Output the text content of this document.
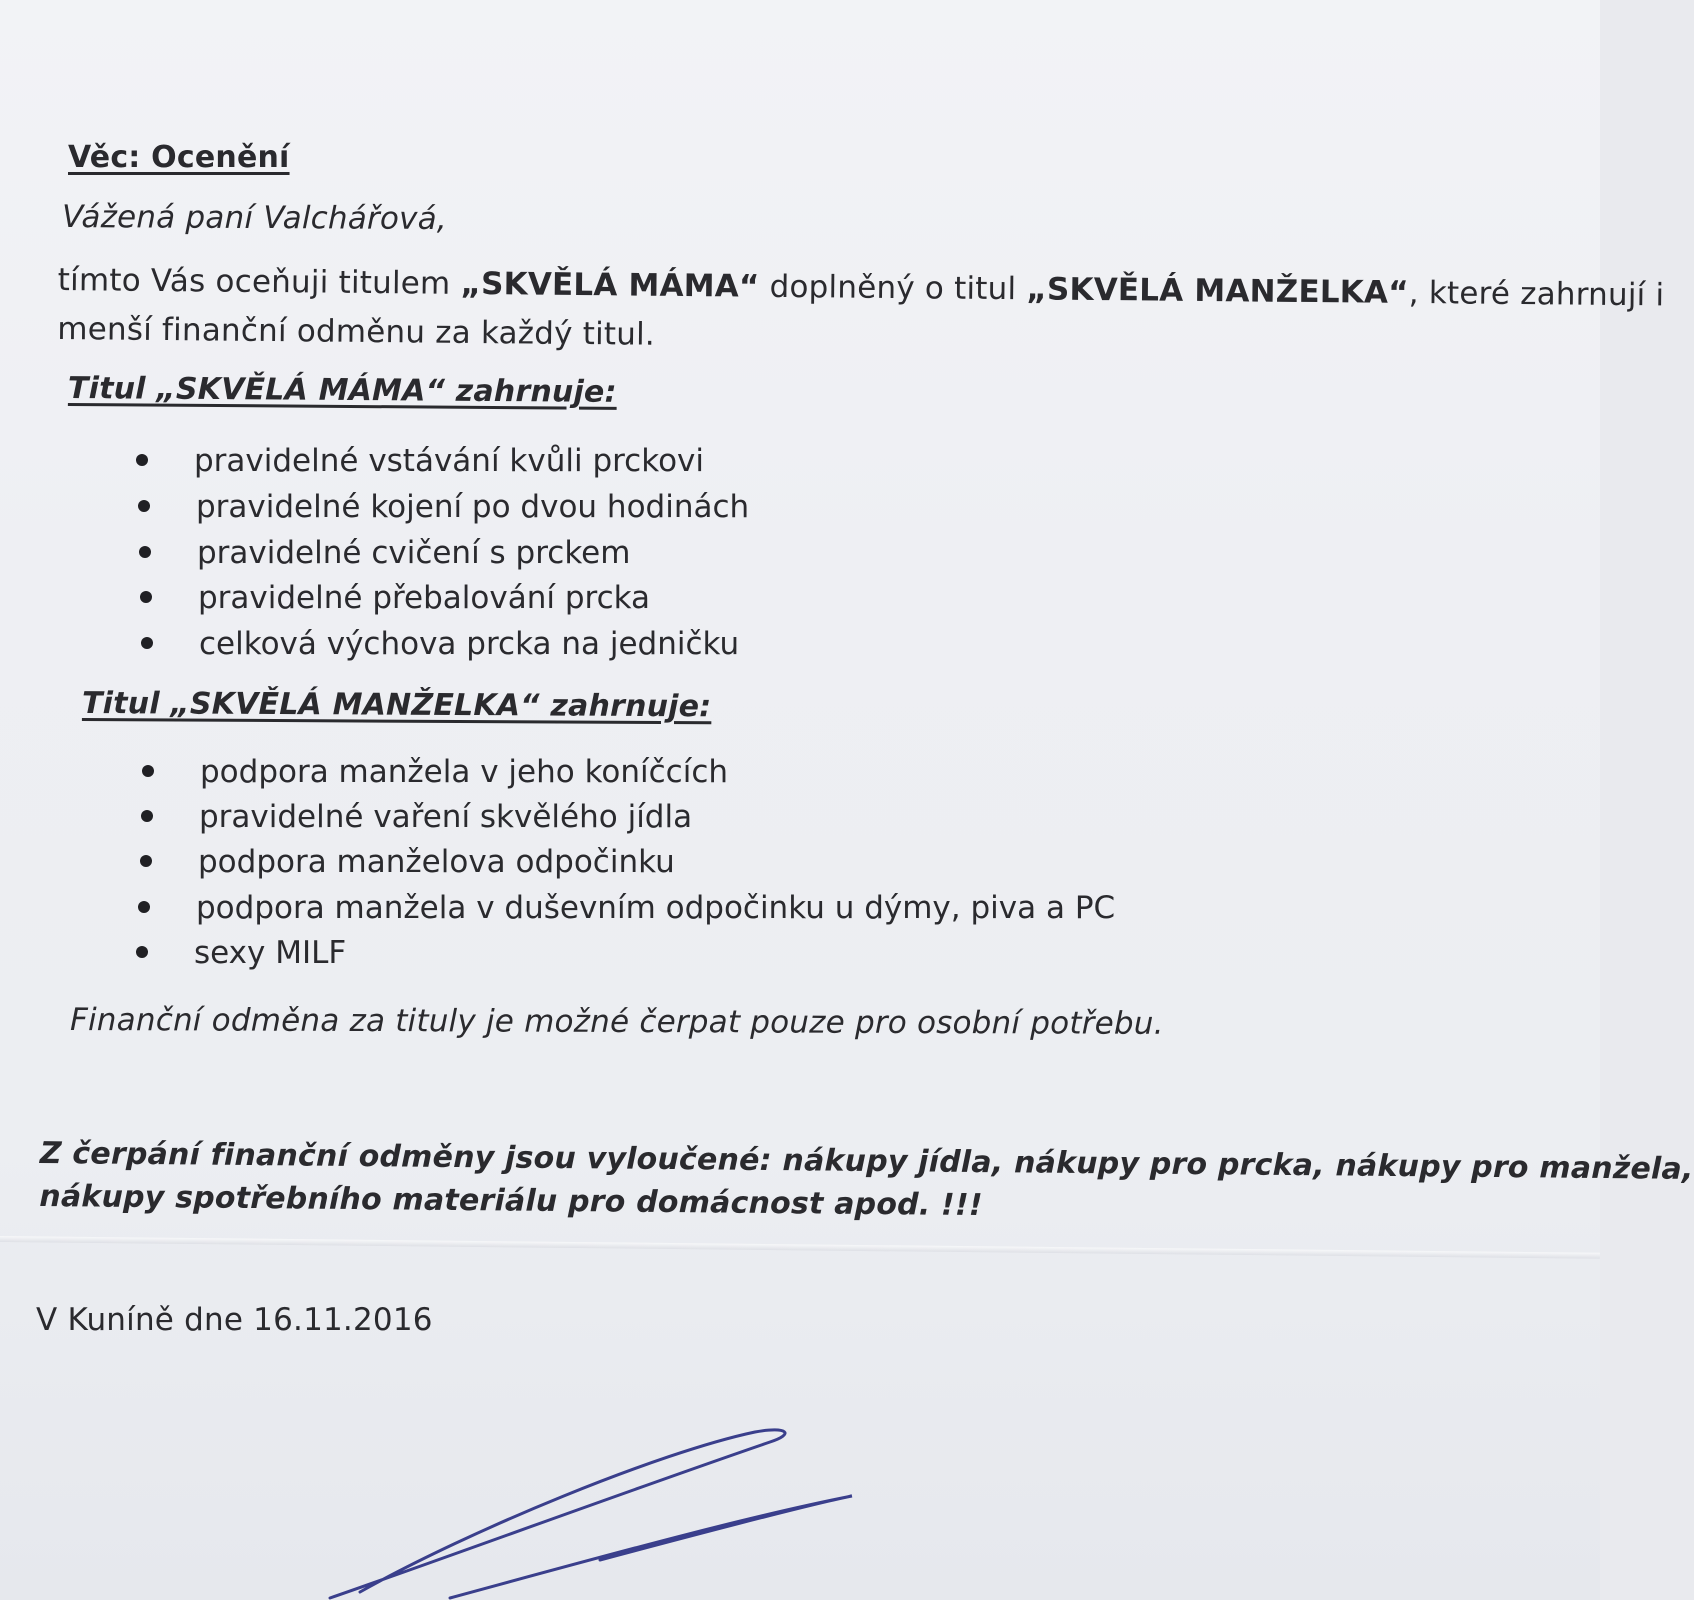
Věc: Ocenění
Vážená paní Valchářová,
tímto Vás oceňuji titulem „SKVĚLÁ MÁMA“ doplněný o titul „SKVĚLÁ MANŽELKA“, které zahrnují i
menší finanční odměnu za každý titul.
Titul „SKVĚLÁ MÁMA“ zahrnuje:
pravidelné vstávání kvůli prckovi
pravidelné kojení po dvou hodinách
pravidelné cvičení s prckem
pravidelné přebalování prcka
celková výchova prcka na jedničku
Titul „SKVĚLÁ MANŽELKA“ zahrnuje:
podpora manžela v jeho koníčcích
pravidelné vaření skvělého jídla
podpora manželova odpočinku
podpora manžela v duševním odpočinku u dýmy, piva a PC
sexy MILF
Finanční odměna za tituly je možné čerpat pouze pro osobní potřebu.
Z čerpání finanční odměny jsou vyloučené: nákupy jídla, nákupy pro prcka, nákupy pro manžela,
nákupy spotřebního materiálu pro domácnost apod. !!!
V Kuníně dne 16.11.2016
